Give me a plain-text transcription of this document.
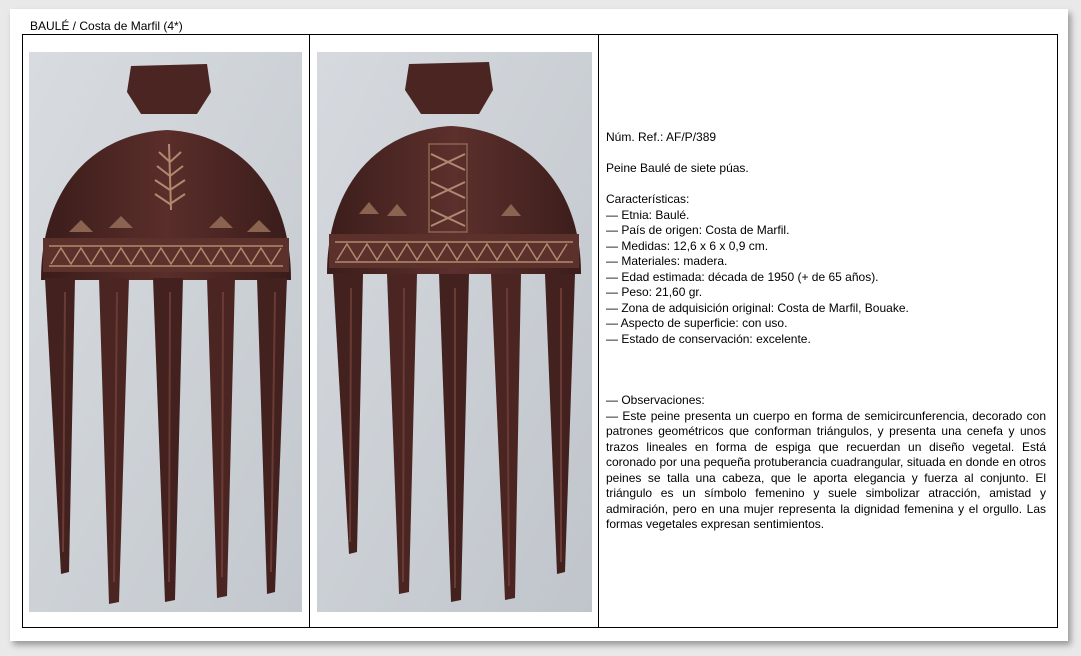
BAULÉ / Costa de Marfil (4*)

Núm. Ref.: AF/P/389

Peine Baulé de siete púas.

Características:

— Etnia: Baulé.

— País de origen: Costa de Marfil.

— Medidas: 12,6 x 6 x 0,9 cm.

— Materiales: madera.

— Edad estimada: década de 1950 (+ de 65 años).

— Peso: 21,60 gr.

— Zona de adquisición original: Costa de Marfil, Bouake.

— Aspecto de superficie: con uso.

— Estado de conservación: excelente.

— Observaciones:

— Este peine presenta un cuerpo en forma de semicircunferencia, decorado con patrones geométricos que conforman triángulos, y presenta una cenefa y unos trazos lineales en forma de espiga que recuerdan un diseño vegetal. Está coronado por una pequeña protuberancia cuadrangular, situada en donde en otros peines se talla una cabeza, que le aporta elegancia y fuerza al conjunto. El triángulo es un símbolo femenino y suele simbolizar atracción, amistad y admiración, pero en una mujer representa la dignidad femenina y el orgullo. Las formas vegetales expresan sentimientos.
